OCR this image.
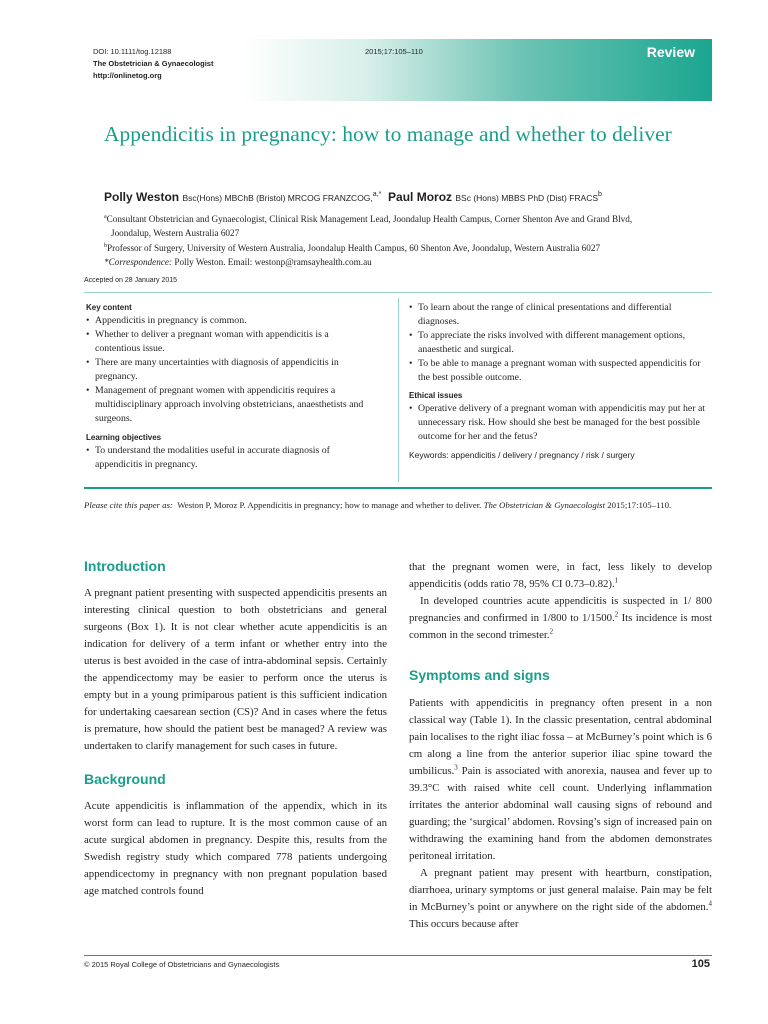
DOI: 10.1111/tog.12188
The Obstetrician & Gynaecologist
http://onlinetog.org
2015;17:105–110	Review
Appendicitis in pregnancy: how to manage and whether to deliver
Polly Weston Bsc(Hons) MBChB (Bristol) MRCOG FRANZCOG,$^{a,*}$ Paul Moroz BSc (Hons) MBBS PhD (Dist) FRACS$^b$
$^a$Consultant Obstetrician and Gynaecologist, Clinical Risk Management Lead, Joondalup Health Campus, Corner Shenton Ave and Grand Blvd,
Joondalup, Western Australia 6027
$^b$Professor of Surgery, University of Western Australia, Joondalup Health Campus, 60 Shenton Ave, Joondalup, Western Australia 6027
*Correspondence: Polly Weston. Email: westonp@ramsayhealth.com.au
Accepted on 28 January 2015
Key content
• Appendicitis in pregnancy is common.
• Whether to deliver a pregnant woman with appendicitis is a contentious issue.
• There are many uncertainties with diagnosis of appendicitis in pregnancy.
• Management of pregnant women with appendicitis requires a multidisciplinary approach involving obstetricians, anaesthetists and surgeons.
Learning objectives
• To understand the modalities useful in accurate diagnosis of appendicitis in pregnancy.
• To learn about the range of clinical presentations and differential diagnoses.
• To appreciate the risks involved with different management options, anaesthetic and surgical.
• To be able to manage a pregnant woman with suspected appendicitis for the best possible outcome.
Ethical issues
• Operative delivery of a pregnant woman with appendicitis may put her at unnecessary risk. How should she best be managed for the best possible outcome for her and the fetus?
Keywords: appendicitis / delivery / pregnancy / risk / surgery
Please cite this paper as: Weston P, Moroz P. Appendicitis in pregnancy; how to manage and whether to deliver. The Obstetrician & Gynaecologist 2015;17:105–110.
Introduction

A pregnant patient presenting with suspected appendicitis presents an interesting clinical question to both obstetricians and general surgeons (Box 1). It is not clear whether acute appendicitis is an indication for delivery of a term infant or whether entry into the uterus is best avoided in the case of intra-abdominal sepsis. Certainly the appendicectomy may be easier to perform once the uterus is empty but in a young primiparous patient is this sufficient indication for undertaking caesarean section (CS)? And in cases where the fetus is premature, how should the patient best be managed? A review was undertaken to clarify management for such cases in future.

Background

Acute appendicitis is inflammation of the appendix, which in its worst form can lead to rupture. It is the most common cause of an acute surgical abdomen in pregnancy. Despite this, results from the Swedish registry study which compared 778 patients undergoing appendicectomy in pregnancy with non pregnant population based age matched controls found

that the pregnant women were, in fact, less likely to develop appendicitis (odds ratio 78, 95% CI 0.73–0.82).$^1$

In developed countries acute appendicitis is suspected in 1/ 800 pregnancies and confirmed in 1/800 to 1/1500.$^2$ Its incidence is most common in the second trimester.$^2$

Symptoms and signs

Patients with appendicitis in pregnancy often present in a non classical way (Table 1). In the classic presentation, central abdominal pain localises to the right iliac fossa – at McBurney’s point which is 6 cm along a line from the anterior superior iliac spine toward the umbilicus.$^3$ Pain is associated with anorexia, nausea and fever up to 39.3°C with raised white cell count. Underlying inflammation irritates the anterior abdominal wall causing signs of rebound and guarding; the ‘surgical’ abdomen. Rovsing’s sign of increased pain on withdrawing the examining hand from the abdomen demonstrates peritoneal irritation.

A pregnant patient may present with heartburn, constipation, diarrhoea, urinary symptoms or just general malaise. Pain may be felt in McBurney’s point or anywhere on the right side of the abdomen.$^4$ This occurs because after

© 2015 Royal College of Obstetricians and Gynaecologists	105
